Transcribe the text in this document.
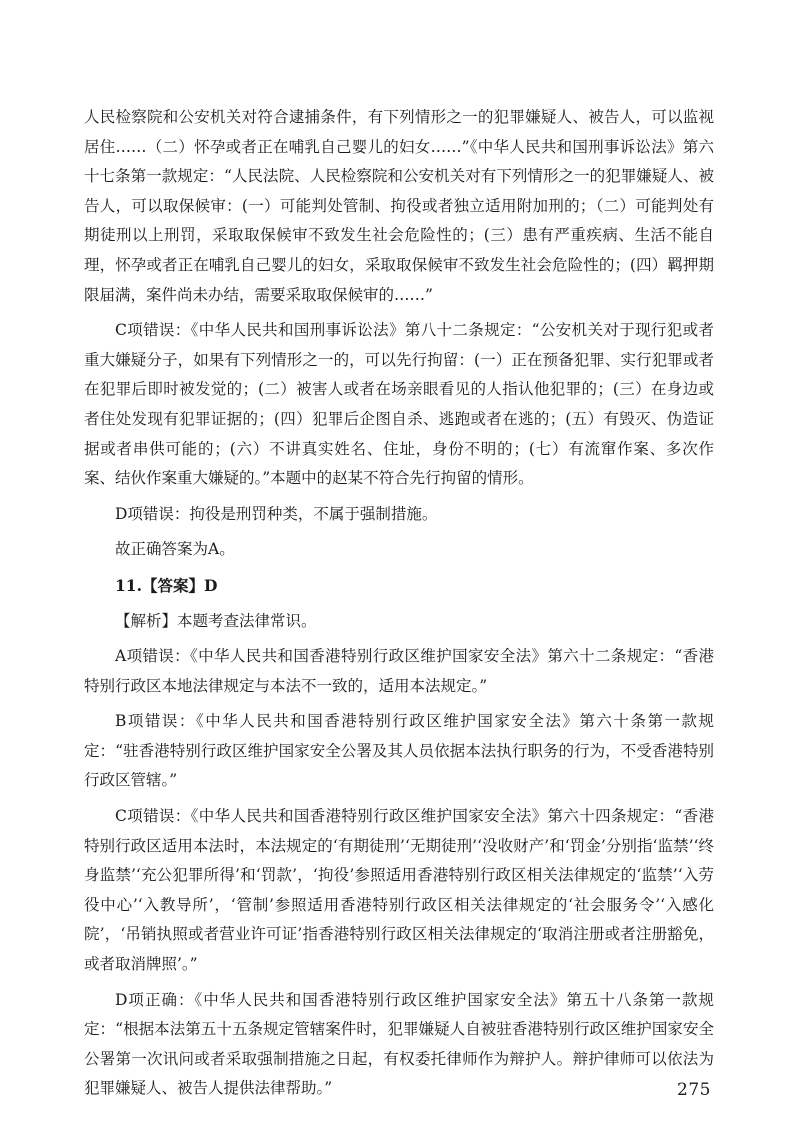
人民检察院和公安机关对符合逮捕条件，有下列情形之一的犯罪嫌疑人、被告人，可以监视居住……（二）怀孕或者正在哺乳自己婴儿的妇女……”《中华人民共和国刑事诉讼法》第六十七条第一款规定：“人民法院、人民检察院和公安机关对有下列情形之一的犯罪嫌疑人、被告人，可以取保候审：(一）可能判处管制、拘役或者独立适用附加刑的；（二）可能判处有期徒刑以上刑罚，采取取保候审不致发生社会危险性的；(三）患有严重疾病、生活不能自理，怀孕或者正在哺乳自己婴儿的妇女，采取取保候审不致发生社会危险性的；(四）羁押期限届满，案件尚未办结，需要采取取保候审的……”

C项错误：《中华人民共和国刑事诉讼法》第八十二条规定：“公安机关对于现行犯或者重大嫌疑分子，如果有下列情形之一的，可以先行拘留：(一）正在预备犯罪、实行犯罪或者在犯罪后即时被发觉的；(二）被害人或者在场亲眼看见的人指认他犯罪的；(三）在身边或者住处发现有犯罪证据的；(四）犯罪后企图自杀、逃跑或者在逃的；(五）有毁灭、伪造证据或者串供可能的；(六）不讲真实姓名、住址，身份不明的；(七）有流窜作案、多次作案、结伙作案重大嫌疑的。”本题中的赵某不符合先行拘留的情形。

D项错误：拘役是刑罚种类，不属于强制措施。

故正确答案为A。

11.【答案】D

【解析】本题考查法律常识。

A项错误：《中华人民共和国香港特别行政区维护国家安全法》第六十二条规定：“香港特别行政区本地法律规定与本法不一致的，适用本法规定。”

B项错误：《中华人民共和国香港特别行政区维护国家安全法》第六十条第一款规定：“驻香港特别行政区维护国家安全公署及其人员依据本法执行职务的行为，不受香港特别行政区管辖。”

C项错误：《中华人民共和国香港特别行政区维护国家安全法》第六十四条规定：“香港特别行政区适用本法时，本法规定的‘有期徒刑’‘无期徒刑’‘没收财产’和‘罚金’分别指‘监禁’‘终身监禁’‘充公犯罪所得’和‘罚款’，‘拘役’参照适用香港特别行政区相关法律规定的‘监禁’‘入劳役中心’‘入教导所’，‘管制’参照适用香港特别行政区相关法律规定的‘社会服务令’‘入感化院’，‘吊销执照或者营业许可证’指香港特别行政区相关法律规定的‘取消注册或者注册豁免，或者取消牌照’。”

D项正确：《中华人民共和国香港特别行政区维护国家安全法》第五十八条第一款规定：“根据本法第五十五条规定管辖案件时，犯罪嫌疑人自被驻香港特别行政区维护国家安全公署第一次讯问或者采取强制措施之日起，有权委托律师作为辩护人。辩护律师可以依法为犯罪嫌疑人、被告人提供法律帮助。”	275
